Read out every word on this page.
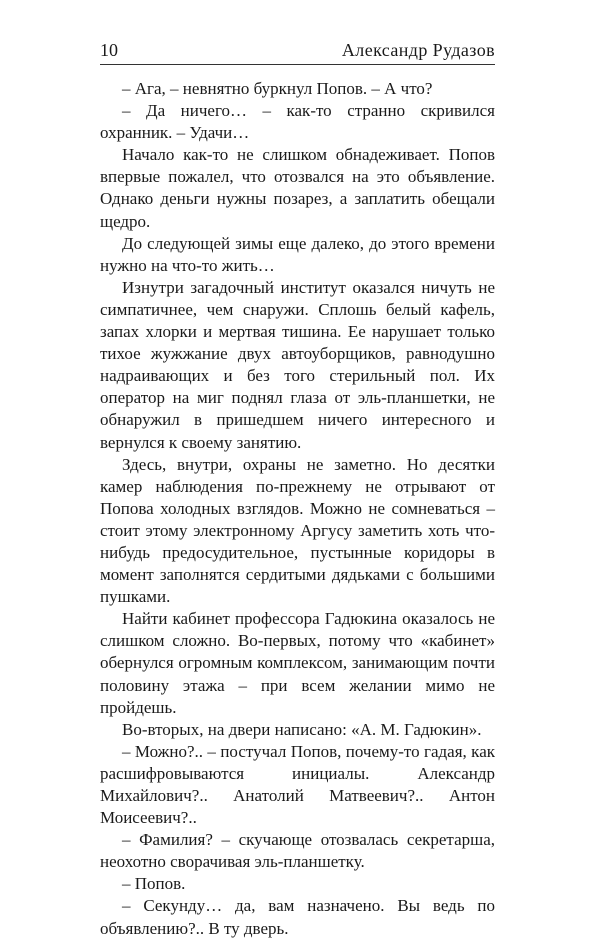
10	Александр Рудазов

– Ага, – невнятно буркнул Попов. – А что?

– Да ничего… – как-то странно скривился охранник. – Удачи…

Начало как-то не слишком обнадеживает. Попов впервые пожалел, что отозвался на это объявление. Однако деньги нужны позарез, а заплатить обещали щедро.

До следующей зимы еще далеко, до этого времени нужно на что-то жить…

Изнутри загадочный институт оказался ничуть не симпатичнее, чем снаружи. Сплошь белый кафель, запах хлорки и мертвая тишина. Ее нарушает только тихое жужжание двух автоуборщиков, равнодушно надраивающих и без того стерильный пол. Их оператор на миг поднял глаза от эль-планшетки, не обнаружил в пришедшем ничего интересного и вернулся к своему занятию.

Здесь, внутри, охраны не заметно. Но десятки камер наблюдения по-прежнему не отрывают от Попова холодных взглядов. Можно не сомневаться – стоит этому электронному Аргусу заметить хоть что-нибудь предосудительное, пустынные коридоры в момент заполнятся сердитыми дядьками с большими пушками.

Найти кабинет профессора Гадюкина оказалось не слишком сложно. Во-первых, потому что «кабинет» обернулся огромным комплексом, занимающим почти половину этажа – при всем желании мимо не пройдешь.

Во-вторых, на двери написано: «А. М. Гадюкин».

– Можно?.. – постучал Попов, почему-то гадая, как расшифровываются инициалы. Александр Михайлович?.. Анатолий Матвеевич?.. Антон Моисеевич?..

– Фамилия? – скучающе отозвалась секретарша, неохотно сворачивая эль-планшетку.

– Попов.

– Секунду… да, вам назначено. Вы ведь по объявлению?.. В ту дверь.
